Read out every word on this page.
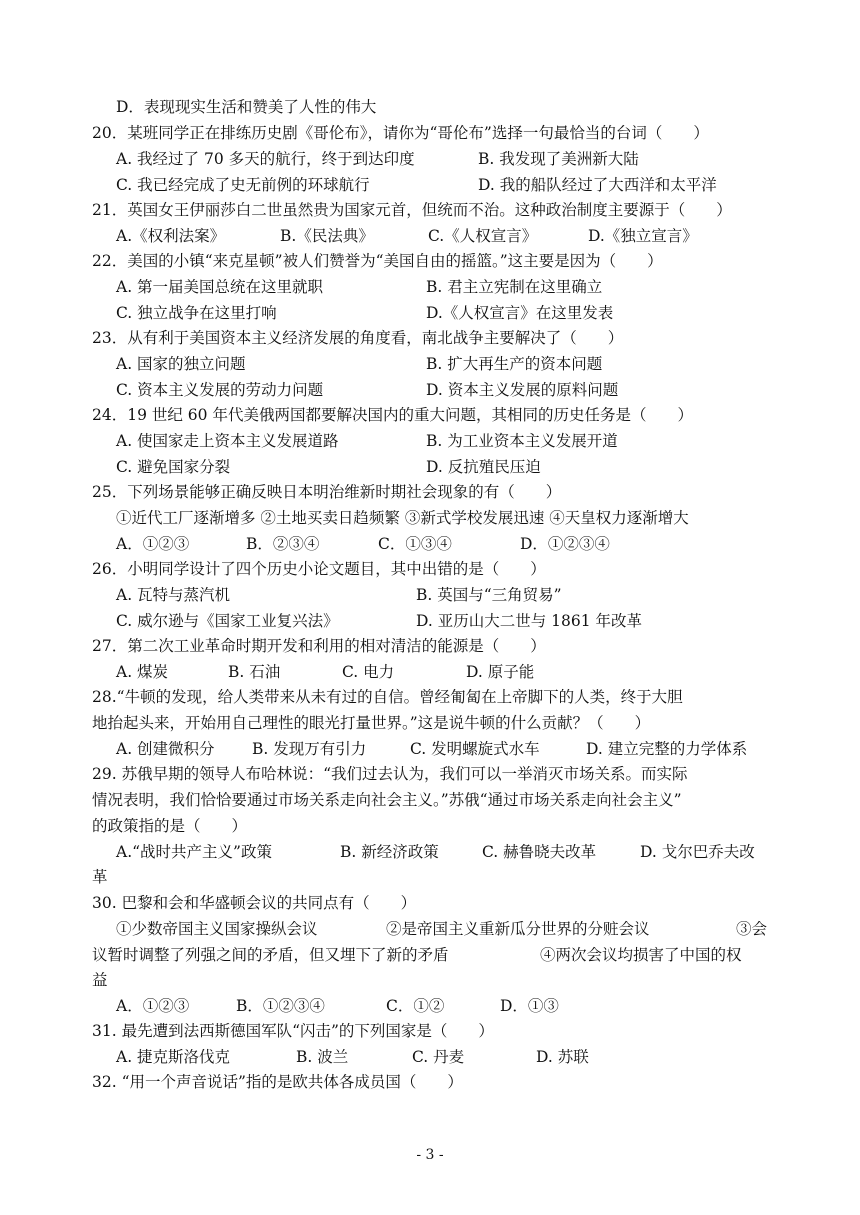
D．表现现实生活和赞美了人性的伟大
20．某班同学正在排练历史剧《哥伦布》，请你为“哥伦布”选择一句最恰当的台词（　　）
A. 我经过了 70 多天的航行，终于到达印度	B. 我发现了美洲新大陆
C. 我已经完成了史无前例的环球航行	D. 我的船队经过了大西洋和太平洋
21．英国女王伊丽莎白二世虽然贵为国家元首，但统而不治。这种政治制度主要源于（　　）
A.《权利法案》	B.《民法典》	C.《人权宣言》	D.《独立宣言》
22．美国的小镇“来克星顿”被人们赞誉为“美国自由的摇篮。”这主要是因为（　　）
A. 第一届美国总统在这里就职	B. 君主立宪制在这里确立
C. 独立战争在这里打响	D.《人权宣言》在这里发表
23．从有利于美国资本主义经济发展的角度看，南北战争主要解决了（　　）
A. 国家的独立问题	B. 扩大再生产的资本问题
C. 资本主义发展的劳动力问题	D. 资本主义发展的原料问题
24．19 世纪 60 年代美俄两国都要解决国内的重大问题，其相同的历史任务是（　　）
A. 使国家走上资本主义发展道路	B. 为工业资本主义发展开道
C. 避免国家分裂	D. 反抗殖民压迫
25．下列场景能够正确反映日本明治维新时期社会现象的有（　　）
①近代工厂逐渐增多 ②土地买卖日趋频繁 ③新式学校发展迅速 ④天皇权力逐渐增大
A．①②③	B．②③④	C．①③④	D．①②③④
26．小明同学设计了四个历史小论文题目，其中出错的是（　　）
A. 瓦特与蒸汽机	B. 英国与“三角贸易”
C. 威尔逊与《国家工业复兴法》	D. 亚历山大二世与 1861 年改革
27．第二次工业革命时期开发和利用的相对清洁的能源是（　　）
A. 煤炭	B. 石油	C. 电力	D. 原子能
28.“牛顿的发现，给人类带来从未有过的自信。曾经匍匐在上帝脚下的人类，终于大胆
地抬起头来，开始用自己理性的眼光打量世界。”这是说牛顿的什么贡献？（　　）
A. 创建微积分 B. 发现万有引力	C. 发明螺旋式水车	D. 建立完整的力学体系
29. 苏俄早期的领导人布哈林说：“我们过去认为，我们可以一举消灭市场关系。而实际
情况表明，我们恰恰要通过市场关系走向社会主义。”苏俄“通过市场关系走向社会主义”
的政策指的是（　　）
A.“战时共产主义”政策	B. 新经济政策	C. 赫鲁晓夫改革	D. 戈尔巴乔夫改
革
30. 巴黎和会和华盛顿会议的共同点有（　　）
①少数帝国主义国家操纵会议	②是帝国主义重新瓜分世界的分赃会议	③会
议暂时调整了列强之间的矛盾，但又埋下了新的矛盾	④两次会议均损害了中国的权
益
A．①②③	B．①②③④	C．①②	D．①③
31. 最先遭到法西斯德国军队“闪击”的下列国家是（　　）
A. 捷克斯洛伐克	B. 波兰	C. 丹麦	D. 苏联
32. “用一个声音说话”指的是欧共体各成员国（　　）
- 3 -
